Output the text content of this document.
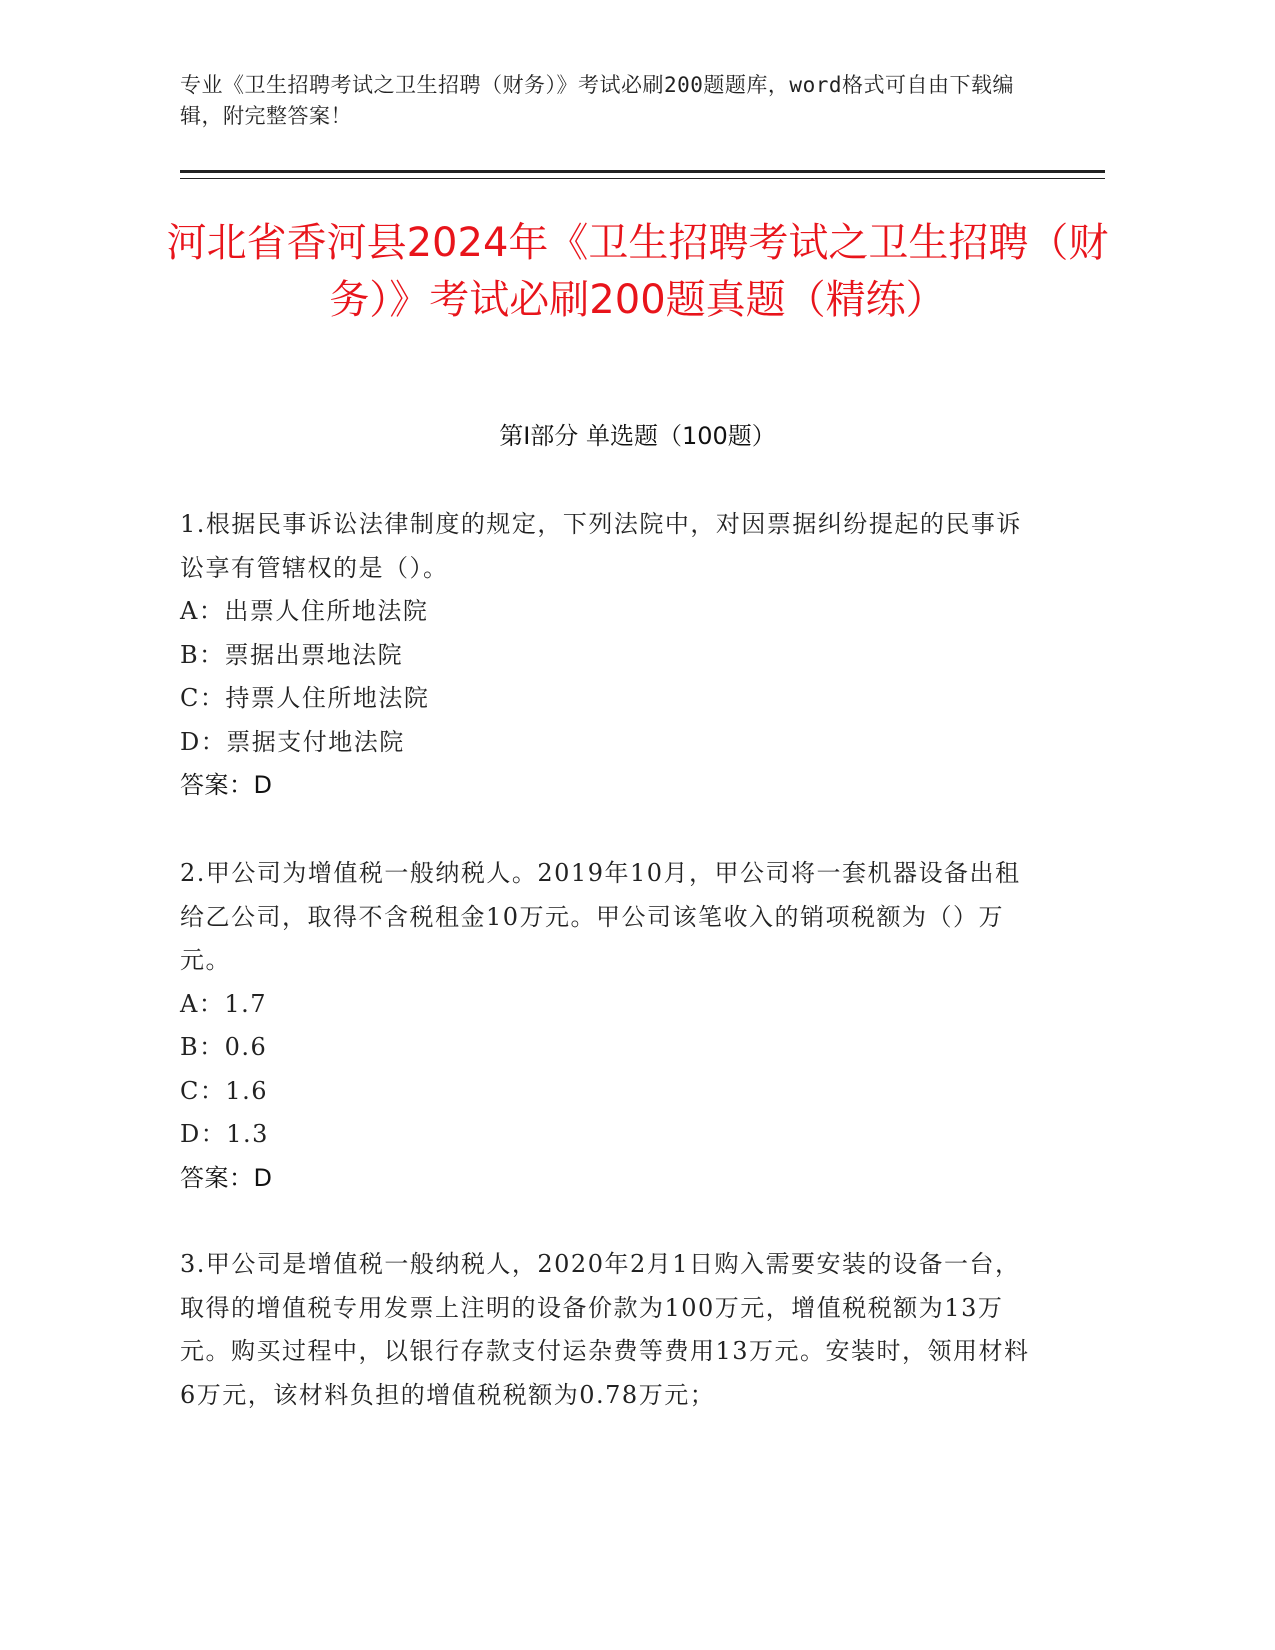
专业《卫生招聘考试之卫生招聘（财务）》考试必刷200题题库，word格式可自由下载编辑，附完整答案！
河北省香河县2024年《卫生招聘考试之卫生招聘（财务）》考试必刷200题真题（精练）
第I部分 单选题（100题）

1.根据民事诉讼法律制度的规定，下列法院中，对因票据纠纷提起的民事诉讼享有管辖权的是（）。

A：出票人住所地法院

B：票据出票地法院

C：持票人住所地法院

D：票据支付地法院

答案：D

2.甲公司为增值税一般纳税人。2019年10月，甲公司将一套机器设备出租给乙公司，取得不含税租金10万元。甲公司该笔收入的销项税额为（）万元。

A：1.7

B：0.6

C：1.6

D：1.3

答案：D

3.甲公司是增值税一般纳税人，2020年2月1日购入需要安装的设备一台，取得的增值税专用发票上注明的设备价款为100万元，增值税税额为13万元。购买过程中，以银行存款支付运杂费等费用13万元。安装时，领用材料6万元，该材料负担的增值税税额为0.78万元；
